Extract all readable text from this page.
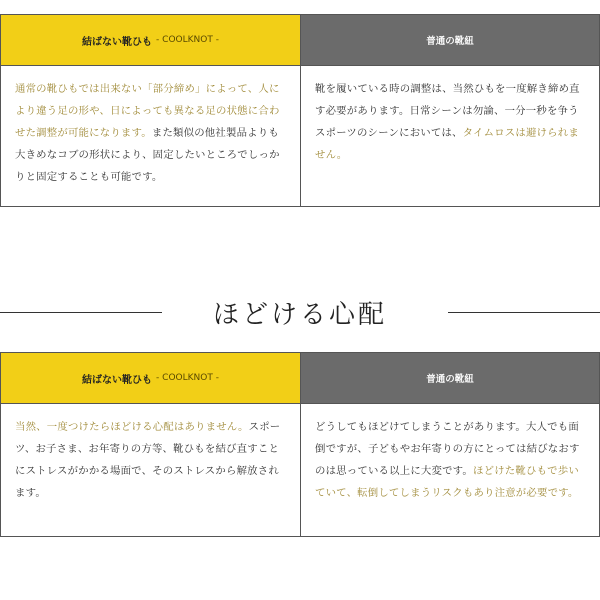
結ばない靴ひも - COOLKNOT -	普通の靴紐
通常の靴ひもでは出来ない「部分締め」によって、人により違う足の形や、日によっても異なる足の状態に合わせた調整が可能になります。また類似の他社製品よりも大きめなコブの形状により、固定したいところでしっかりと固定することも可能です。
靴を履いている時の調整は、当然ひもを一度解き締め直す必要があります。日常シーンは勿論、一分一秒を争うスポーツのシーンにおいては、タイムロスは避けられません。
ほどける心配
結ばない靴ひも - COOLKNOT -	普通の靴紐
当然、一度つけたらほどける心配はありません。スポーツ、お子さま、お年寄りの方等、靴ひもを結び直すことにストレスがかかる場面で、そのストレスから解放されます。
どうしてもほどけてしまうことがあります。大人でも面倒ですが、子どもやお年寄りの方にとっては結びなおすのは思っている以上に大変です。ほどけた靴ひもで歩いていて、転倒してしまうリスクもあり注意が必要です。
